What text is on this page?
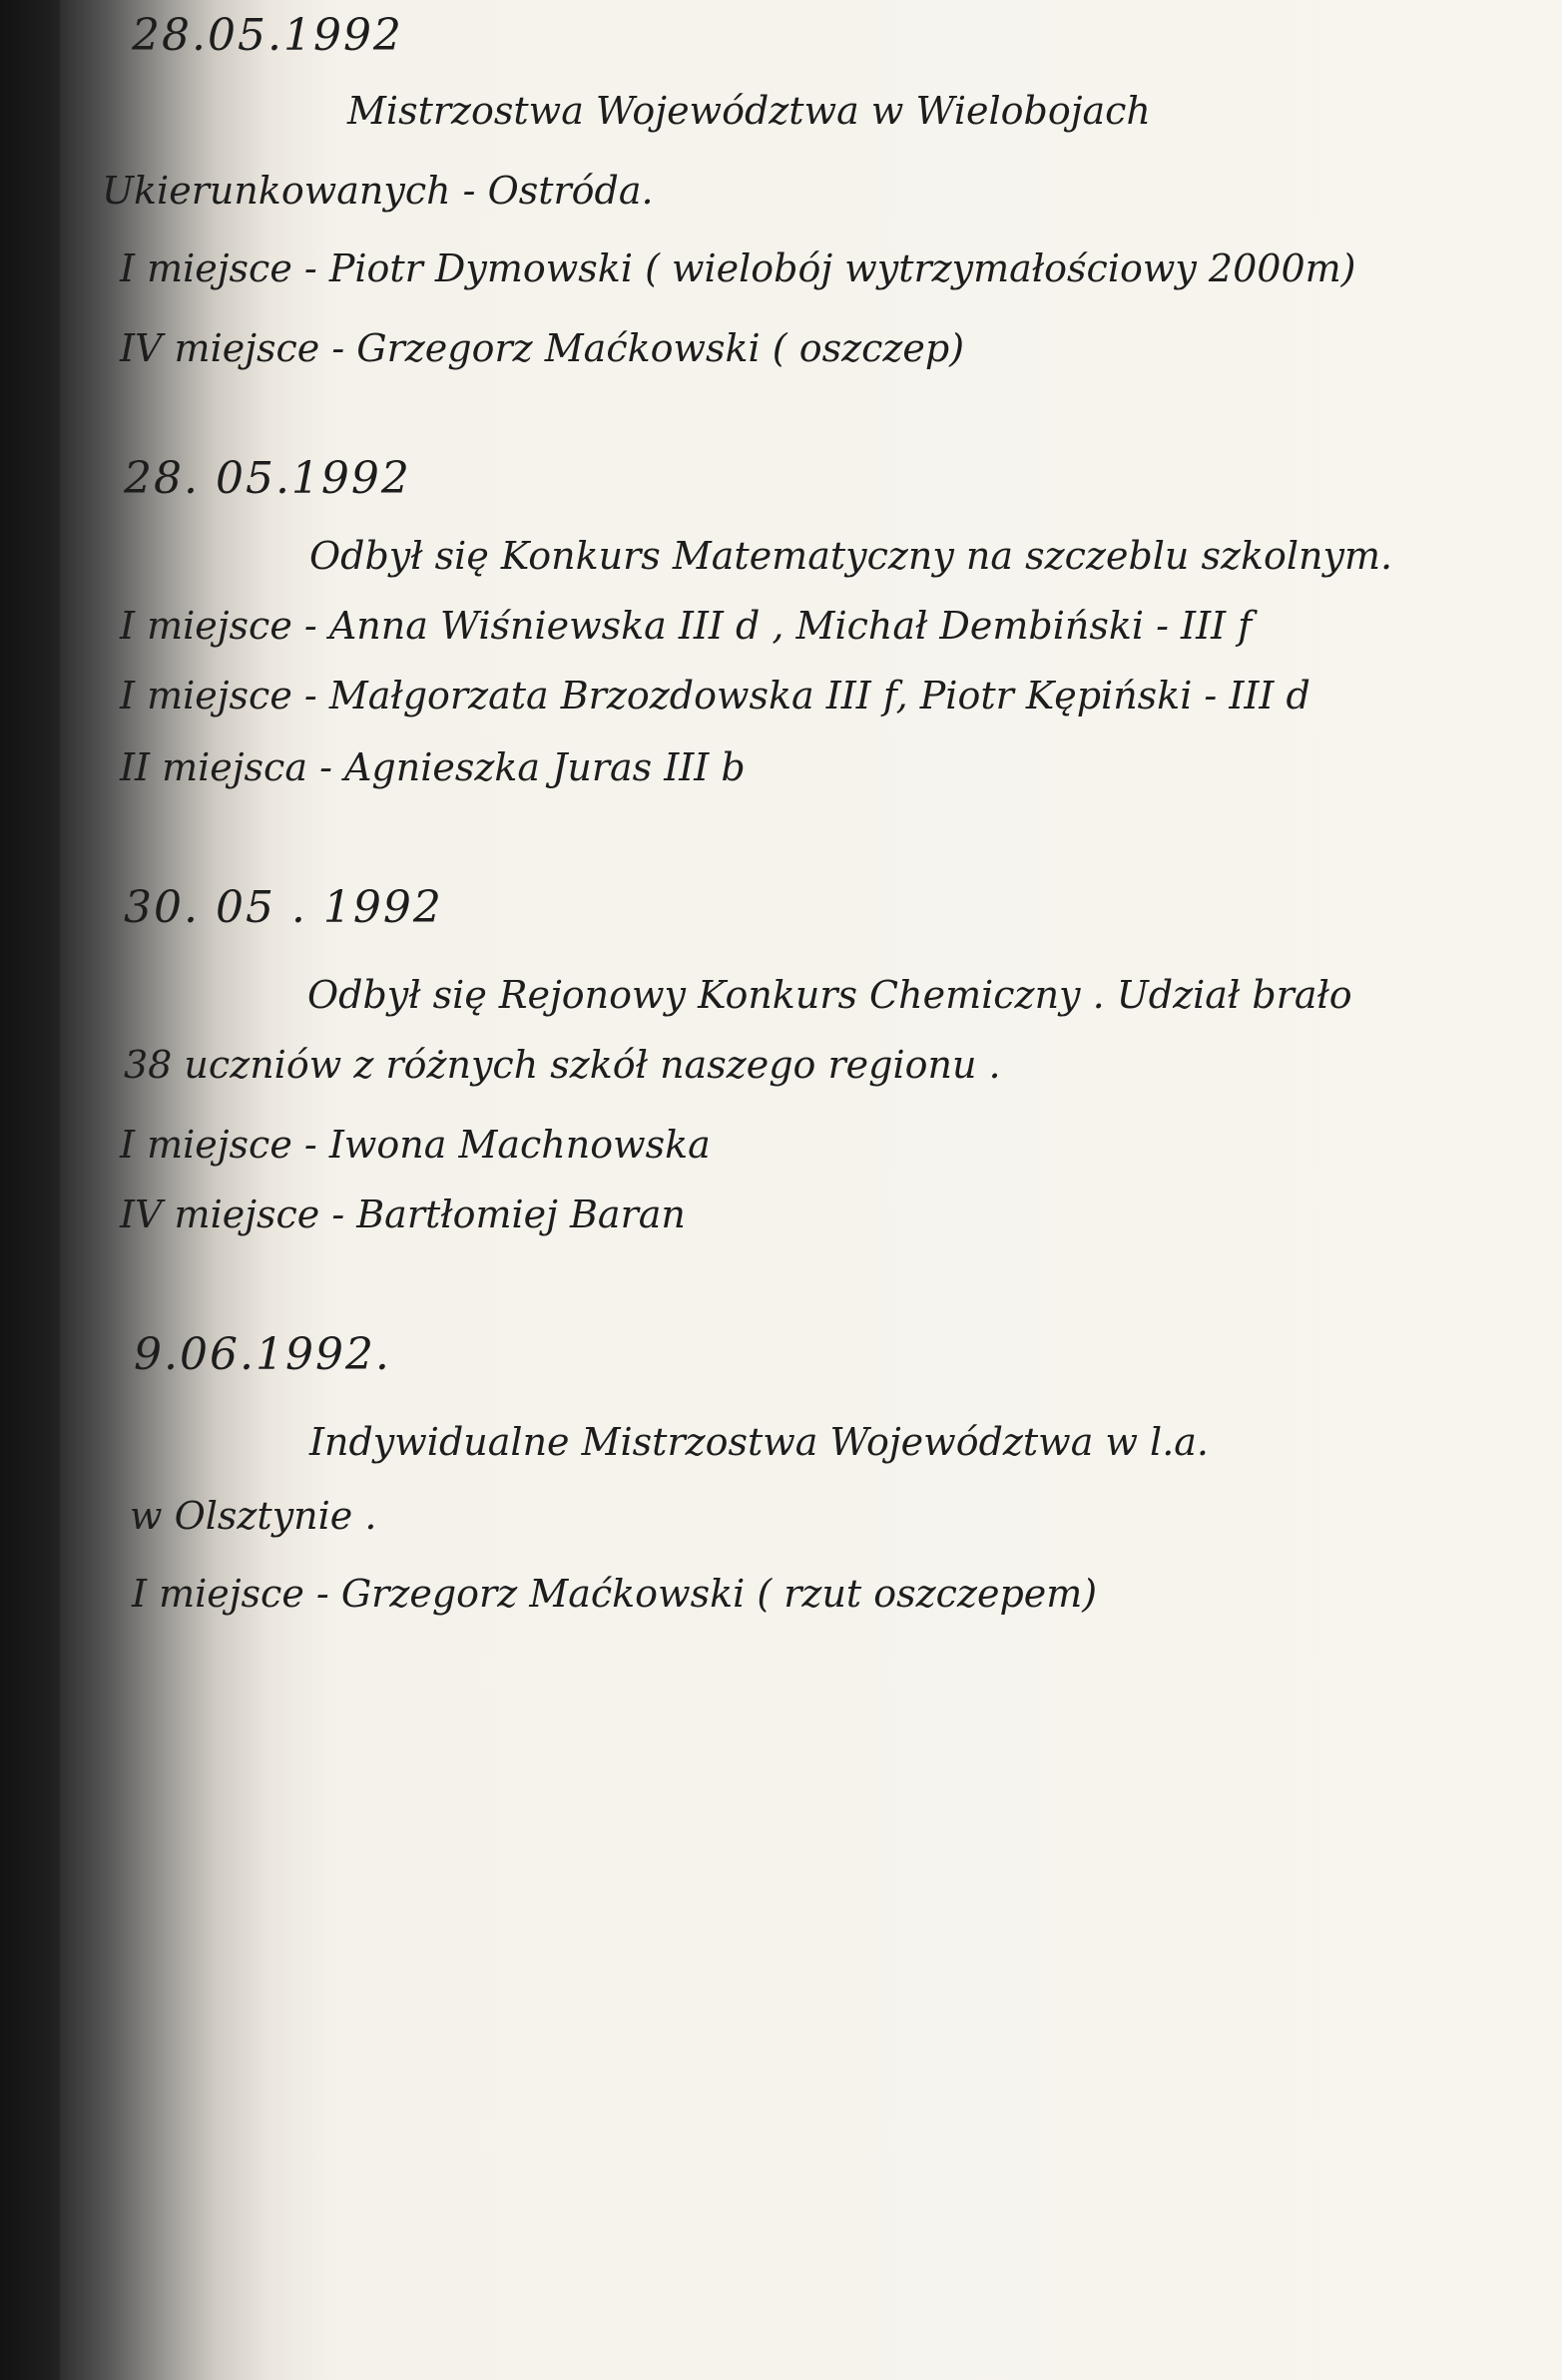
28.05.1992
Mistrzostwa Województwa w Wielobojach
Ukierunkowanych - Ostróda.
I miejsce - Piotr Dymowski ( wielobój wytrzymałościowy 2000m)
IV miejsce - Grzegorz Maćkowski ( oszczep)
28. 05.1992
Odbył się Konkurs Matematyczny na szczeblu szkolnym.
I miejsce - Anna Wiśniewska III d , Michał Dembiński - III f
I miejsce - Małgorzata Brzozdowska III f, Piotr Kępiński - III d
II miejsca - Agnieszka Juras III b
30. 05 . 1992
Odbył się Rejonowy Konkurs Chemiczny . Udział brało
38 uczniów z różnych szkół naszego regionu .
I miejsce - Iwona Machnowska
IV miejsce - Bartłomiej Baran
9.06.1992.
Indywidualne Mistrzostwa Województwa w l.a.
w Olsztynie .
I miejsce - Grzegorz Maćkowski ( rzut oszczepem)
